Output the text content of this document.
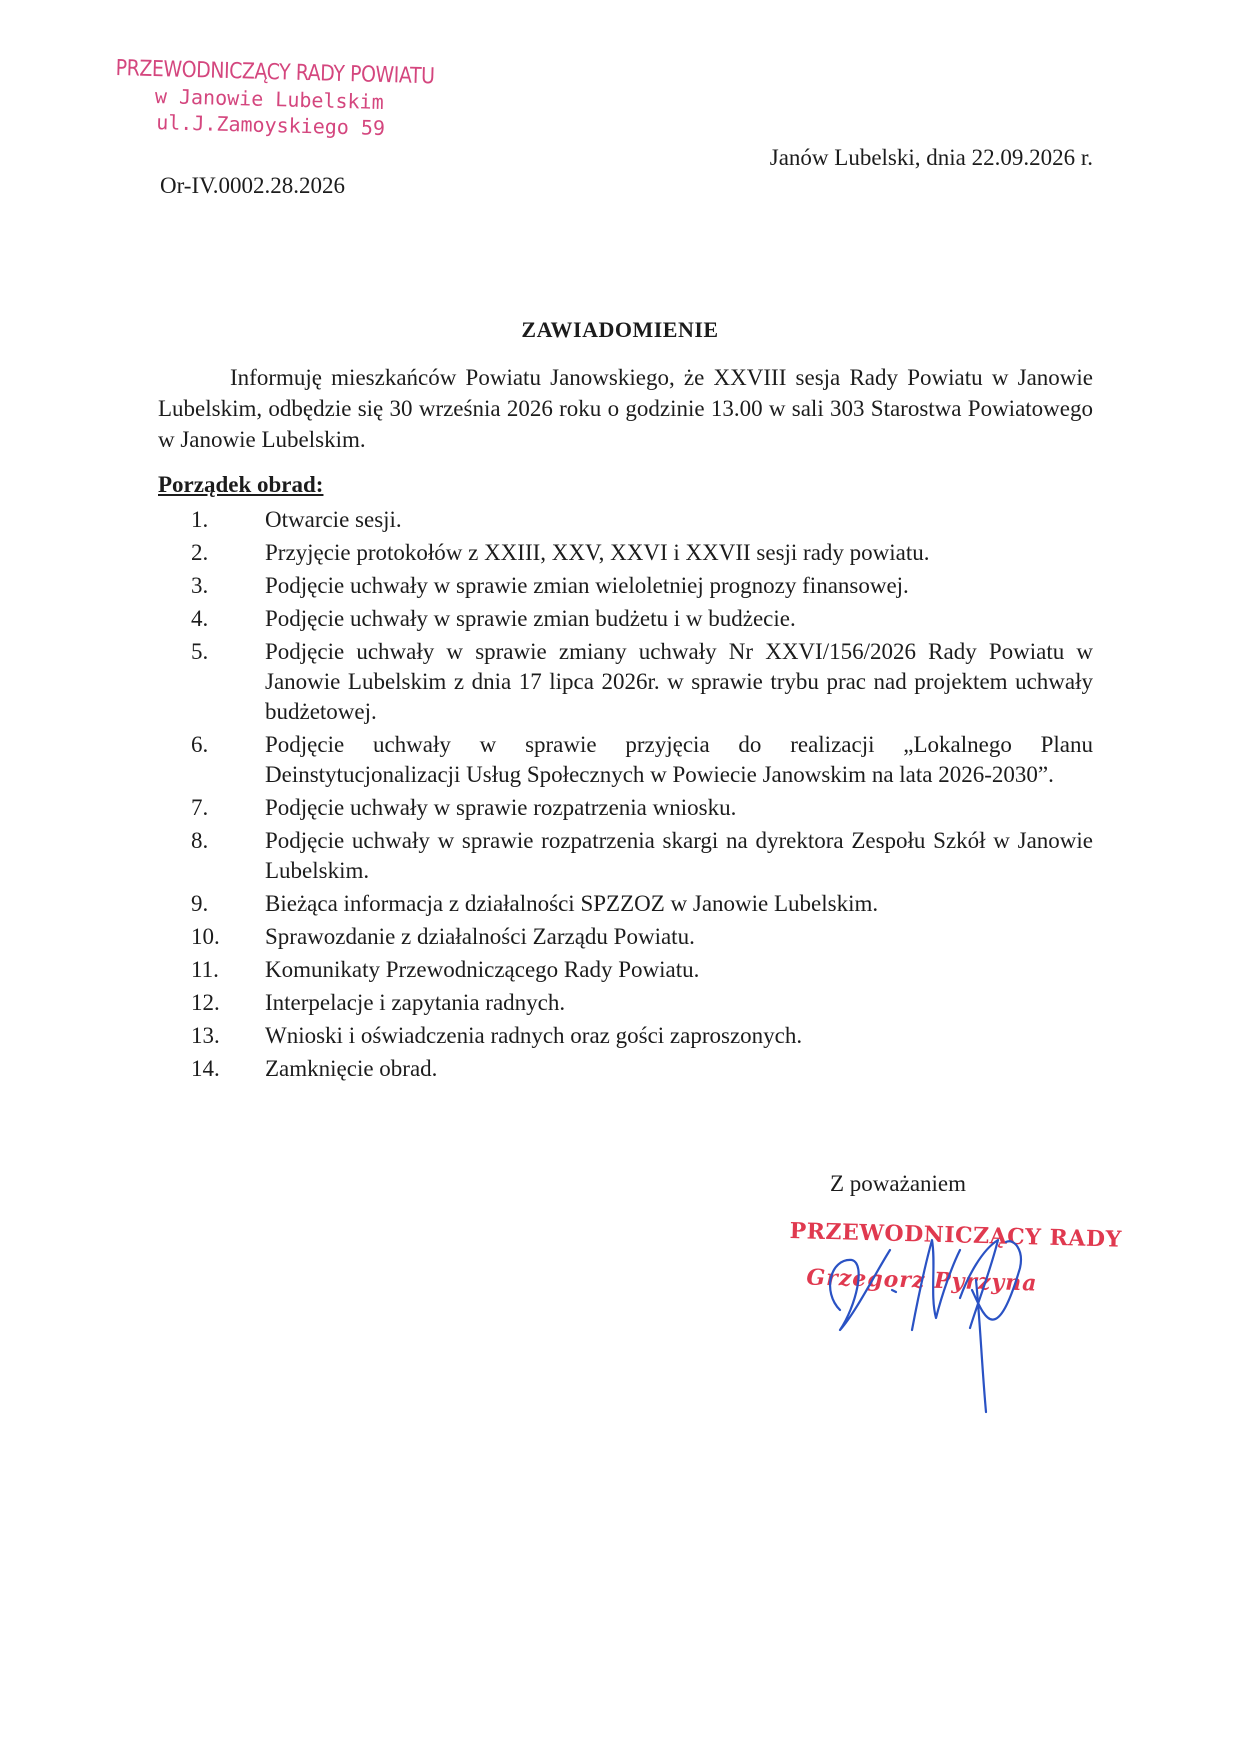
PRZEWODNICZĄCY RADY POWIATU
w Janowie Lubelskim
ul.J.Zamoyskiego 59
Janów Lubelski, dnia 22.09.2026 r.
Or-IV.0002.28.2026
ZAWIADOMIENIE
Informuję mieszkańców Powiatu Janowskiego, że XXVIII sesja Rady Powiatu w Janowie Lubelskim, odbędzie się 30 września 2026 roku o godzinie 13.00 w sali 303 Starostwa Powiatowego w Janowie Lubelskim.
Porządek obrad:
1.	Otwarcie sesji.
2.	Przyjęcie protokołów z XXIII, XXV, XXVI i XXVII sesji rady powiatu.
3.	Podjęcie uchwały w sprawie zmian wieloletniej prognozy finansowej.
4.	Podjęcie uchwały w sprawie zmian budżetu i w budżecie.
5.	Podjęcie uchwały w sprawie zmiany uchwały Nr XXVI/156/2026 Rady Powiatu w Janowie Lubelskim z dnia 17 lipca 2026r. w sprawie trybu prac nad projektem uchwały budżetowej.
6.	Podjęcie uchwały w sprawie przyjęcia do realizacji „Lokalnego Planu Deinstytucjonalizacji Usług Społecznych w Powiecie Janowskim na lata 2026-2030”.
7.	Podjęcie uchwały w sprawie rozpatrzenia wniosku.
8.	Podjęcie uchwały w sprawie rozpatrzenia skargi na dyrektora Zespołu Szkół w Janowie Lubelskim.
9.	Bieżąca informacja z działalności SPZZOZ w Janowie Lubelskim.
10.	Sprawozdanie z działalności Zarządu Powiatu.
11.	Komunikaty Przewodniczącego Rady Powiatu.
12.	Interpelacje i zapytania radnych.
13.	Wnioski i oświadczenia radnych oraz gości zaproszonych.
14.	Zamknięcie obrad.
Z poważaniem
PRZEWODNICZĄCY RADY
Grzegorz Pyrzyna
